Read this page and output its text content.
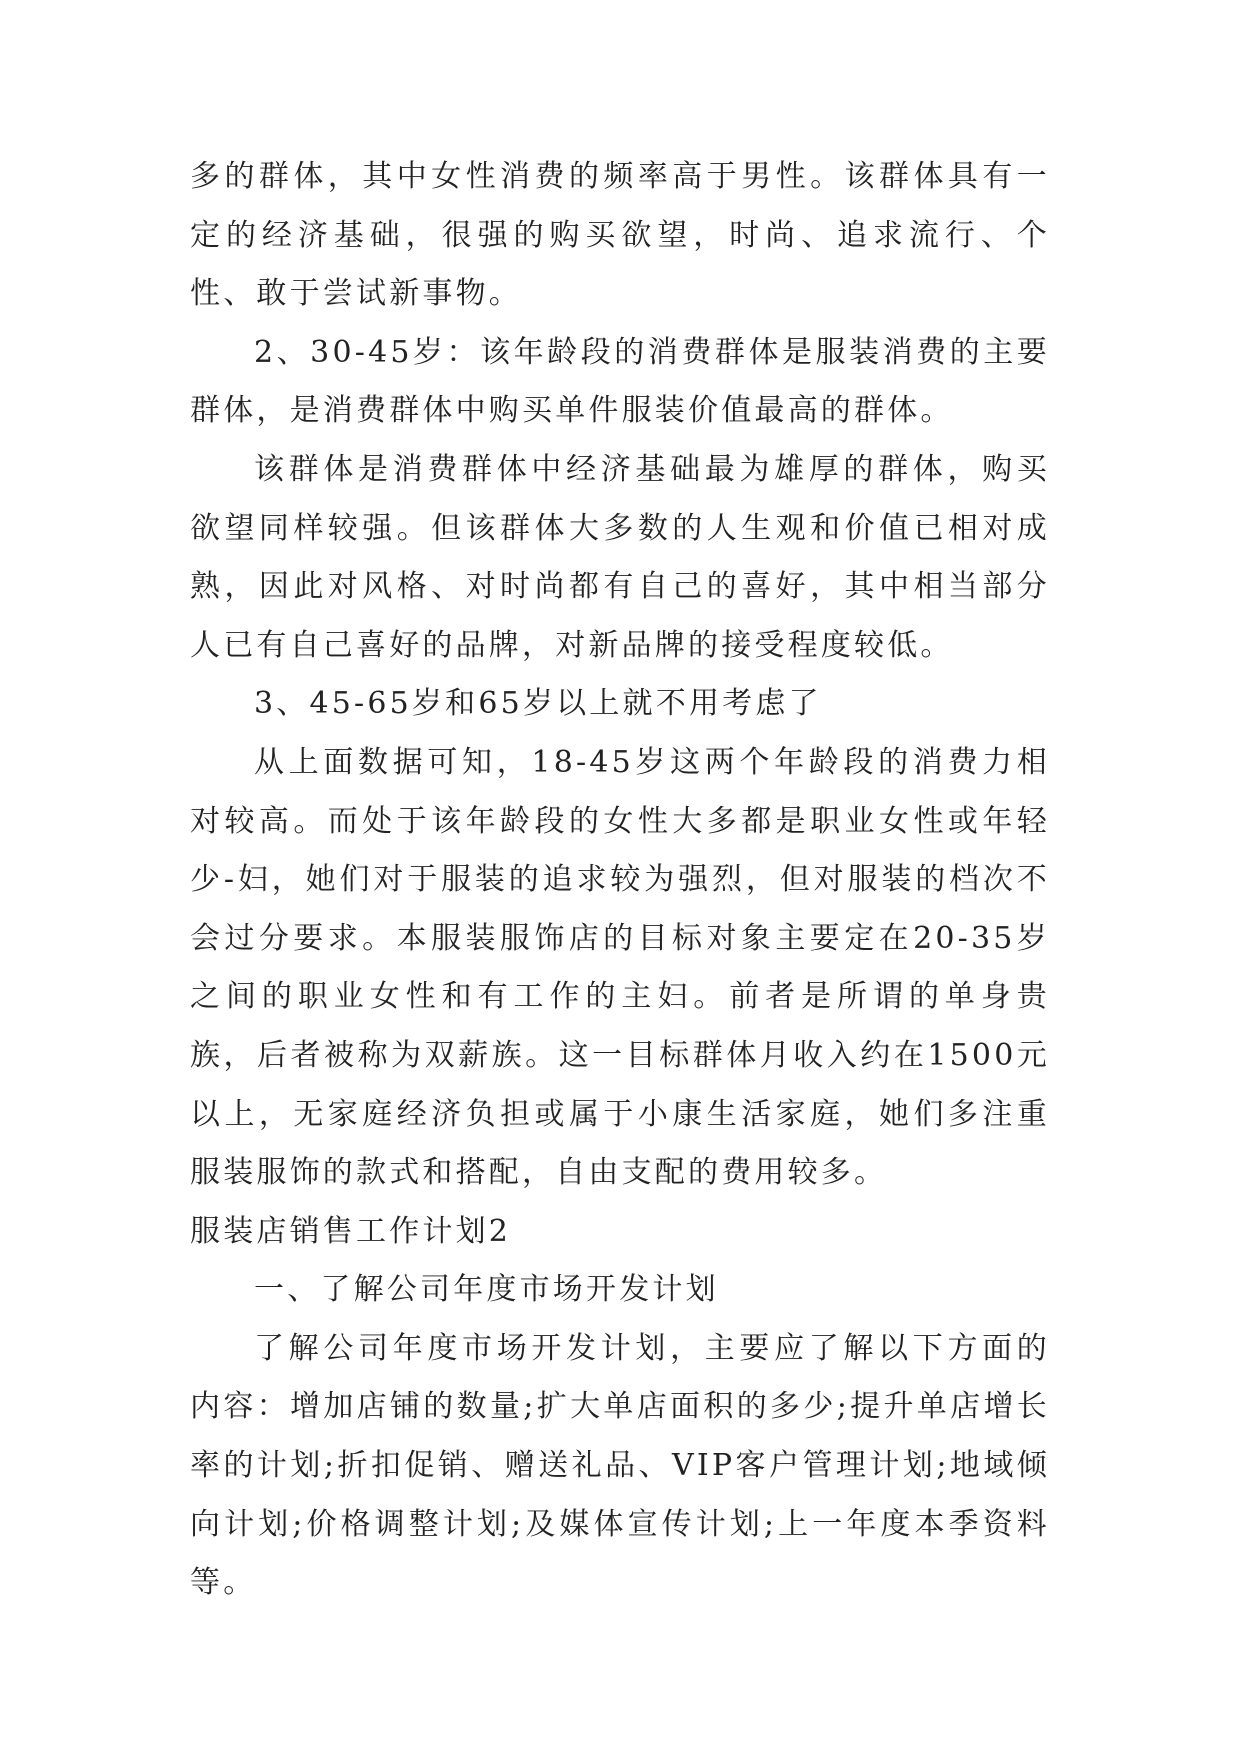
多的群体，其中女性消费的频率高于男性。该群体具有一定的经济基础，很强的购买欲望，时尚、追求流行、个性、敢于尝试新事物。

2、30-45岁：该年龄段的消费群体是服装消费的主要群体，是消费群体中购买单件服装价值最高的群体。

该群体是消费群体中经济基础最为雄厚的群体，购买欲望同样较强。但该群体大多数的人生观和价值已相对成熟，因此对风格、对时尚都有自己的喜好，其中相当部分人已有自己喜好的品牌，对新品牌的接受程度较低。

3、45-65岁和65岁以上就不用考虑了

从上面数据可知，18-45岁这两个年龄段的消费力相对较高。而处于该年龄段的女性大多都是职业女性或年轻少-妇，她们对于服装的追求较为强烈，但对服装的档次不会过分要求。本服装服饰店的目标对象主要定在20-35岁之间的职业女性和有工作的主妇。前者是所谓的单身贵族，后者被称为双薪族。这一目标群体月收入约在1500元以上，无家庭经济负担或属于小康生活家庭，她们多注重服装服饰的款式和搭配，自由支配的费用较多。

服装店销售工作计划2

一、了解公司年度市场开发计划

了解公司年度市场开发计划，主要应了解以下方面的内容：增加店铺的数量;扩大单店面积的多少;提升单店增长率的计划;折扣促销、赠送礼品、VIP客户管理计划;地域倾向计划;价格调整计划;及媒体宣传计划;上一年度本季资料等。
